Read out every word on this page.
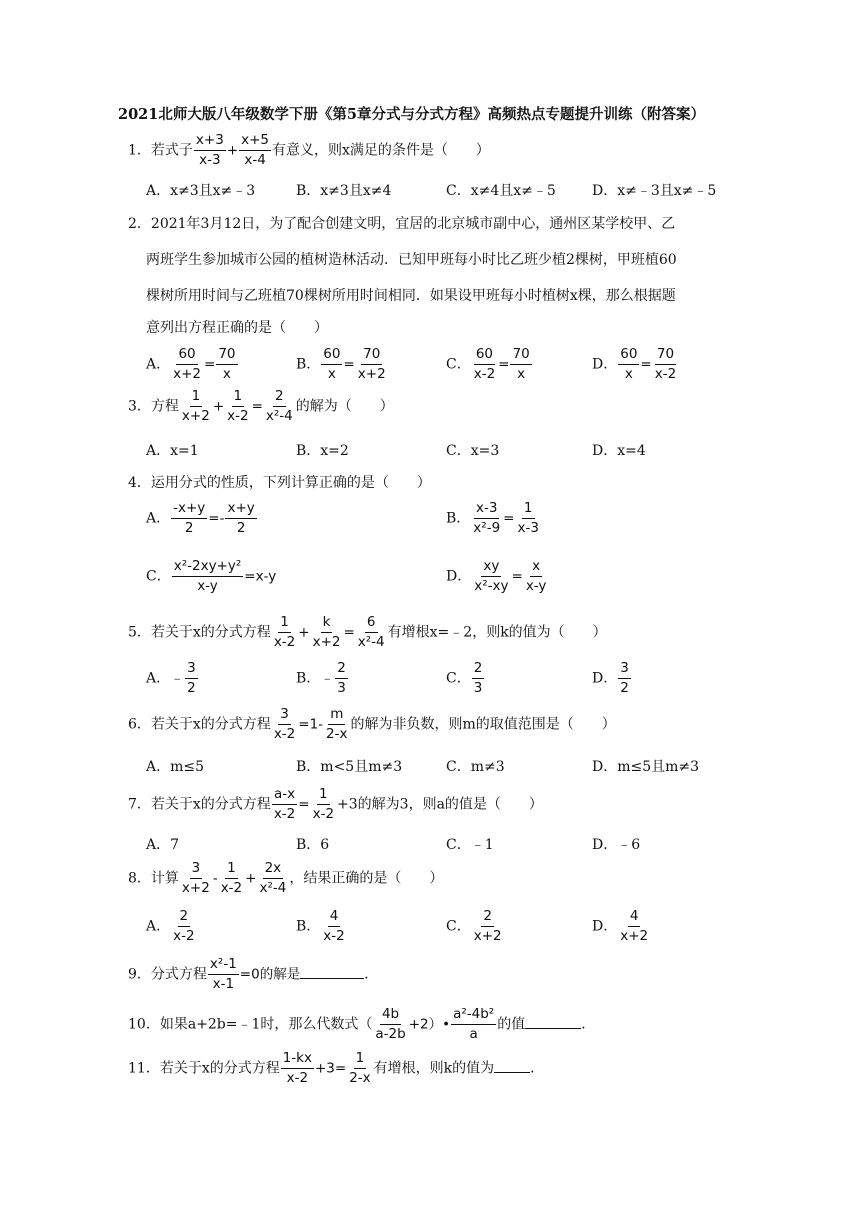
2021北师大版八年级数学下册《第5章分式与分式方程》高频热点专题提升训练（附答案）
1．若式子 $\frac{x+3}{x-3} + \frac{x+5}{x-4}$ 有意义，则x满足的条件是（　　）
A．x≠3且x≠﹣3	B．x≠3且x≠4	C．x≠4且x≠﹣5	D．x≠﹣3且x≠﹣5
2．2021年3月12日，为了配合创建文明，宜居的北京城市副中心，通州区某学校甲、乙
两班学生参加城市公园的植树造林活动．已知甲班每小时比乙班少植2棵树，甲班植60
棵树所用时间与乙班植70棵树所用时间相同．如果设甲班每小时植树x棵，那么根据题
意列出方程正确的是（　　）
A． $\frac{60}{x+2} = \frac{70}{x}$	B． $\frac{60}{x} = \frac{70}{x+2}$	C． $\frac{60}{x-2} = \frac{70}{x}$	D． $\frac{60}{x} = \frac{70}{x-2}$
3．方程 $\frac{1}{x+2} + \frac{1}{x-2} = \frac{2}{\text{x²-4}}$ 的解为（　　）
A．x=1	B．x=2	C．x=3	D．x=4
4．运用分式的性质，下列计算正确的是（　　）
A． $\frac{-x+y}{2} =- \frac{x+y}{2}$	B． $\frac{x-3}{\text{x²-9}} = \frac{1}{x-3}$
C． $\frac{\text{x²-2xy+y²}}{x-y} =x-y$	D． $\frac{xy}{\text{x²-xy}} = \frac{x}{x-y}$
5．若关于x的分式方程 $\frac{1}{x-2} + \frac{k}{x+2} = \frac{6}{\text{x²-4}}$ 有增根x=﹣2，则k的值为（　　）
A．﹣ $\frac{3}{2}$	B．﹣ $\frac{2}{3}$	C． $\frac{2}{3}$	D． $\frac{3}{2}$
6．若关于x的分式方程 $\frac{3}{x-2} =1- \frac{m}{2-x}$ 的解为非负数，则m的取值范围是（　　）
A．m≤5	B．m<5且m≠3	C．m≠3	D．m≤5且m≠3
7．若关于x的分式方程 $\frac{a-x}{x-2} = \frac{1}{x-2} +3$的解为3，则a的值是（　　）
A．7	B．6	C．﹣1	D．﹣6
8．计算 $\frac{3}{x+2} - \frac{1}{x-2} + \frac{2x}{\text{x²-4}}$ ，结果正确的是（　　）
A． $\frac{2}{x-2}$	B． $\frac{4}{x-2}$	C． $\frac{2}{x+2}$	D． $\frac{4}{x+2}$
9．分式方程 $\frac{\text{x²-1}}{x-1} =0$的解是	．
10．如果a+2b=﹣1时，那么代数式（ $\frac{4b}{a-2b}$ +2）• $\frac{\text{a²-4b²}}{a}$ 的值	．
11．若关于x的分式方程 $\frac{1-kx}{x-2} +3= \frac{1}{2-x}$ 有增根，则k的值为	．
